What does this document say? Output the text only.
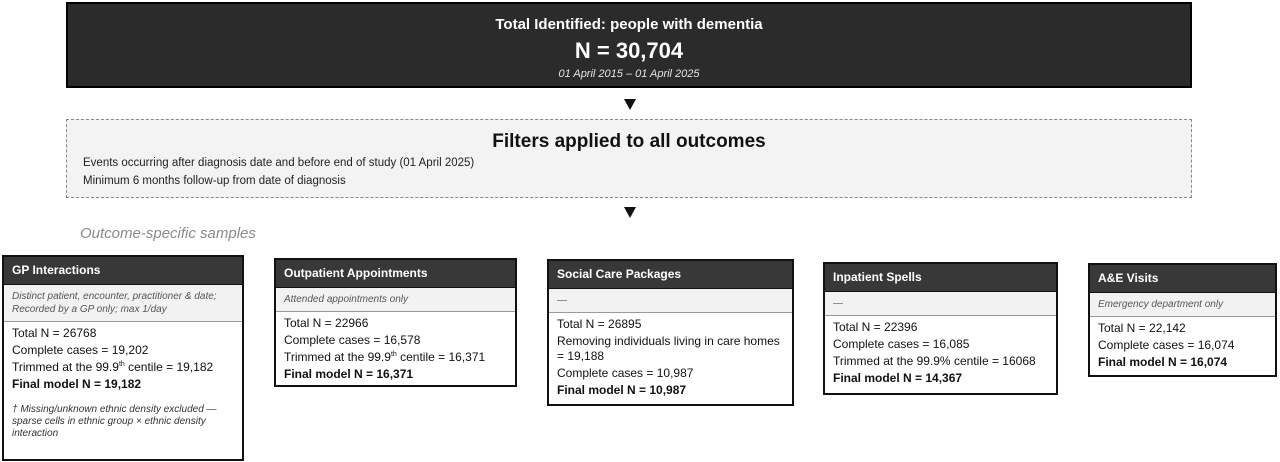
Total Identified: people with dementia
N = 30,704
01 April 2015 – 01 April 2025
Filters applied to all outcomes
Events occurring after diagnosis date and before end of study (01 April 2025)
Minimum 6 months follow-up from date of diagnosis
Outcome-specific samples
GP Interactions
Distinct patient, encounter, practitioner & date; Recorded by a GP only; max 1/day
Total N = 26768
Complete cases = 19,202
Trimmed at the 99.9th centile = 19,182
Final model N = 19,182
† Missing/unknown ethnic density excluded — sparse cells in ethnic group × ethnic density interaction
Outpatient Appointments
Attended appointments only
Total N = 22966
Complete cases = 16,578
Trimmed at the 99.9th centile = 16,371
Final model N = 16,371
Social Care Packages
—
Total N = 26895
Removing individuals living in care homes = 19,188
Complete cases = 10,987
Final model N = 10,987
Inpatient Spells
—
Total N = 22396
Complete cases = 16,085
Trimmed at the 99.9% centile = 16068
Final model N = 14,367
A&E Visits
Emergency department only
Total N = 22,142
Complete cases = 16,074
Final model N = 16,074
